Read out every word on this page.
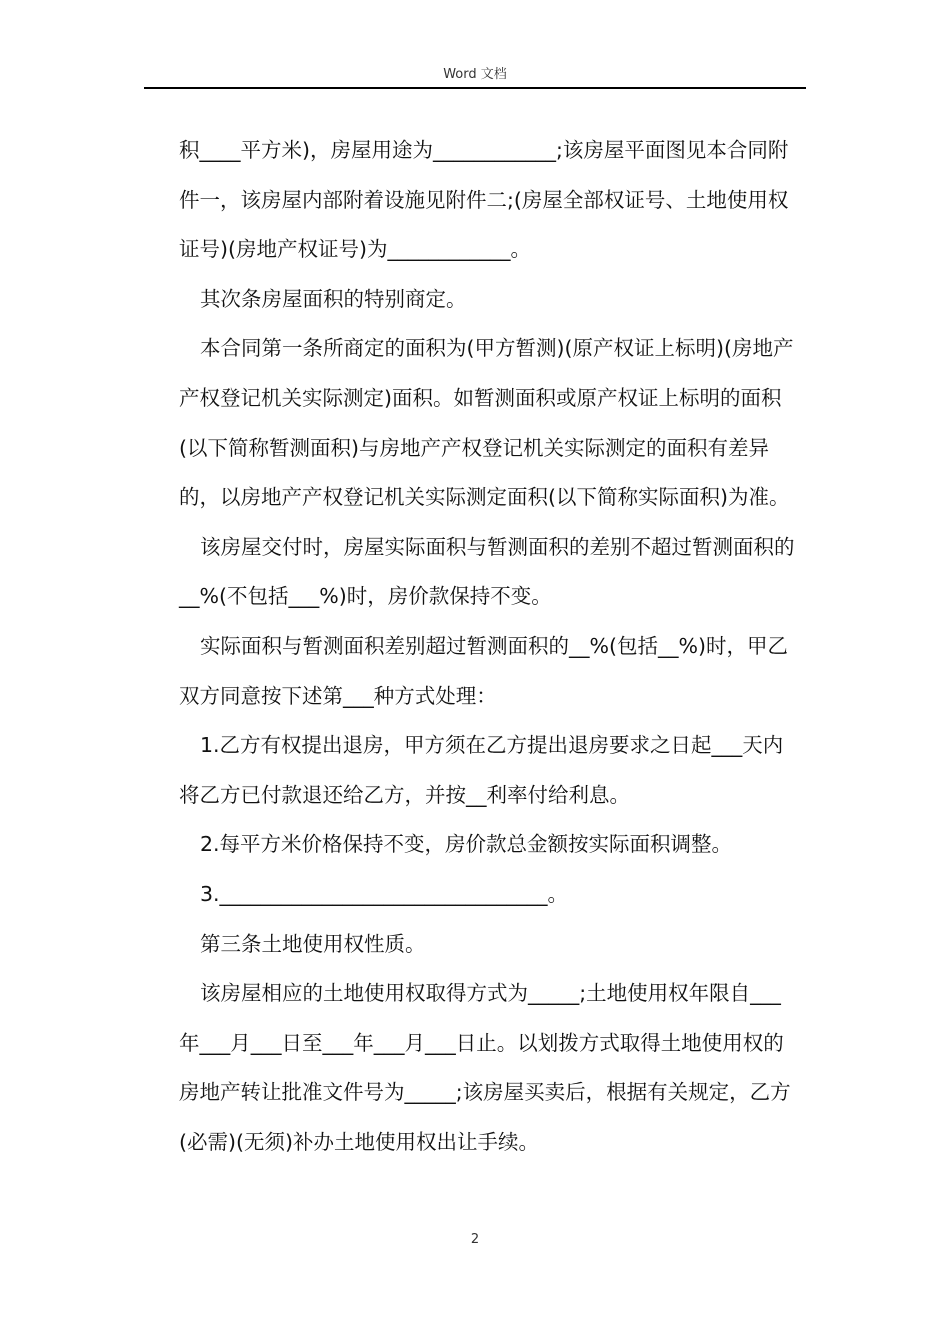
Word 文档

积____平方米)，房屋用途为____________;该房屋平面图见本合同附件一，该房屋内部附着设施见附件二;(房屋全部权证号、土地使用权证号)(房地产权证号)为____________。

其次条房屋面积的特别商定。

本合同第一条所商定的面积为(甲方暂测)(原产权证上标明)(房地产产权登记机关实际测定)面积。如暂测面积或原产权证上标明的面积(以下简称暂测面积)与房地产产权登记机关实际测定的面积有差异的，以房地产产权登记机关实际测定面积(以下简称实际面积)为准。

该房屋交付时，房屋实际面积与暂测面积的差别不超过暂测面积的__%(不包括___%)时，房价款保持不变。

实际面积与暂测面积差别超过暂测面积的__%(包括__%)时，甲乙双方同意按下述第___种方式处理：

1.乙方有权提出退房，甲方须在乙方提出退房要求之日起___天内将乙方已付款退还给乙方，并按__利率付给利息。

2.每平方米价格保持不变，房价款总金额按实际面积调整。

3.________________________________。

第三条土地使用权性质。

该房屋相应的土地使用权取得方式为_____;土地使用权年限自___年___月___日至___年___月___日止。以划拨方式取得土地使用权的房地产转让批准文件号为_____;该房屋买卖后，根据有关规定，乙方(必需)(无须)补办土地使用权出让手续。

2
